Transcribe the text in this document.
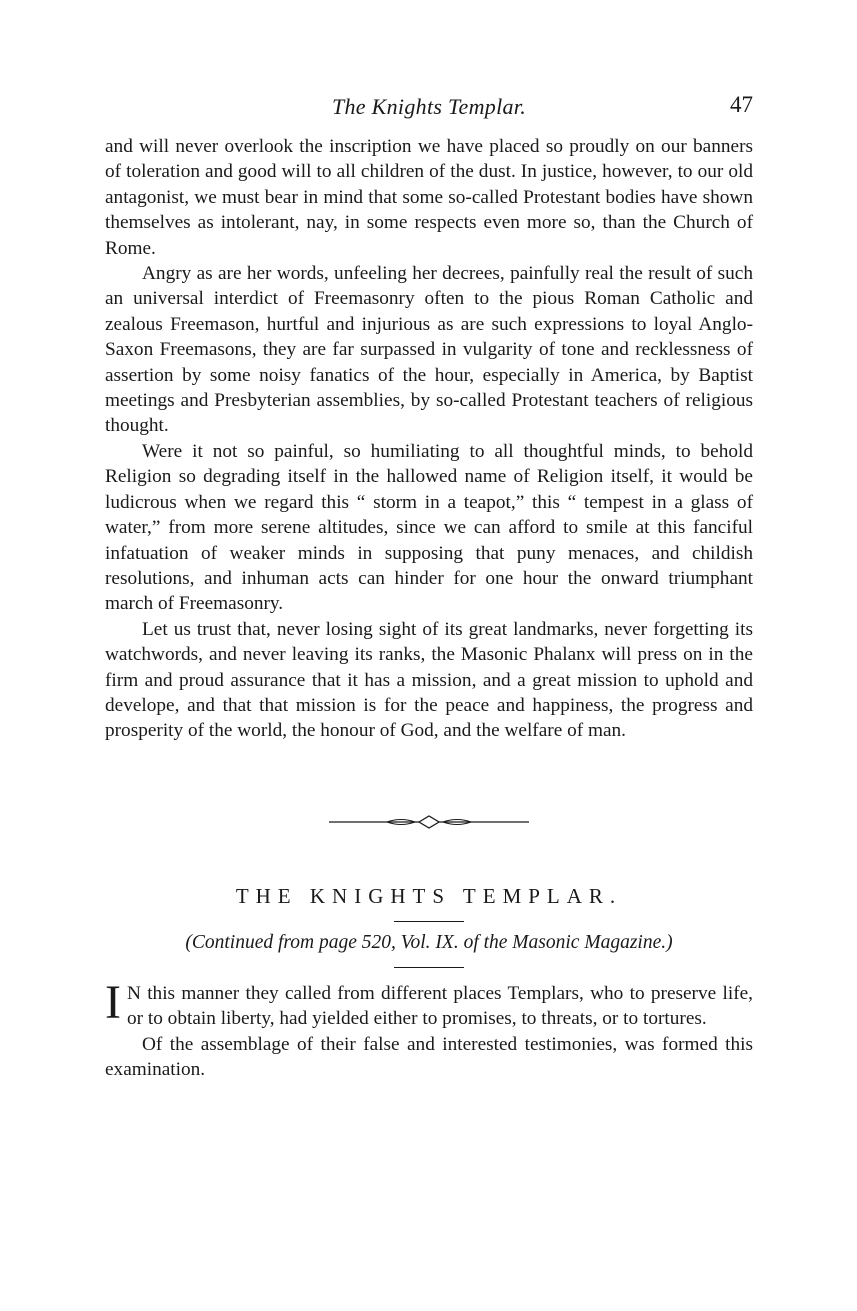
The Knights Templar.	47

and will never overlook the inscription we have placed so proudly on our banners of toleration and good will to all children of the dust. In justice, however, to our old antagonist, we must bear in mind that some so-called Protestant bodies have shown themselves as intolerant, nay, in some respects even more so, than the Church of Rome.

Angry as are her words, unfeeling her decrees, painfully real the result of such an universal interdict of Freemasonry often to the pious Roman Catholic and zealous Freemason, hurtful and injurious as are such expressions to loyal Anglo-Saxon Freemasons, they are far surpassed in vulgarity of tone and recklessness of assertion by some noisy fanatics of the hour, especially in America, by Baptist meetings and Presbyterian assemblies, by so-called Protestant teachers of religious thought.

Were it not so painful, so humiliating to all thoughtful minds, to behold Religion so degrading itself in the hallowed name of Religion itself, it would be ludicrous when we regard this “ storm in a teapot,” this “ tempest in a glass of water,” from more serene altitudes, since we can afford to smile at this fanciful infatuation of weaker minds in supposing that puny menaces, and childish resolutions, and inhuman acts can hinder for one hour the onward triumphant march of Freemasonry.

Let us trust that, never losing sight of its great landmarks, never forgetting its watchwords, and never leaving its ranks, the Masonic Phalanx will press on in the firm and proud assurance that it has a mission, and a great mission to uphold and develope, and that that mission is for the peace and happiness, the progress and prosperity of the world, the honour of God, and the welfare of man.

THE KNIGHTS TEMPLAR.
(Continued from page 520, Vol. IX. of the Masonic Magazine.)

I N this manner they called from different places Templars, who to preserve life, or to obtain liberty, had yielded either to promises, to threats, or to tortures.

Of the assemblage of their false and interested testimonies, was formed this examination.
